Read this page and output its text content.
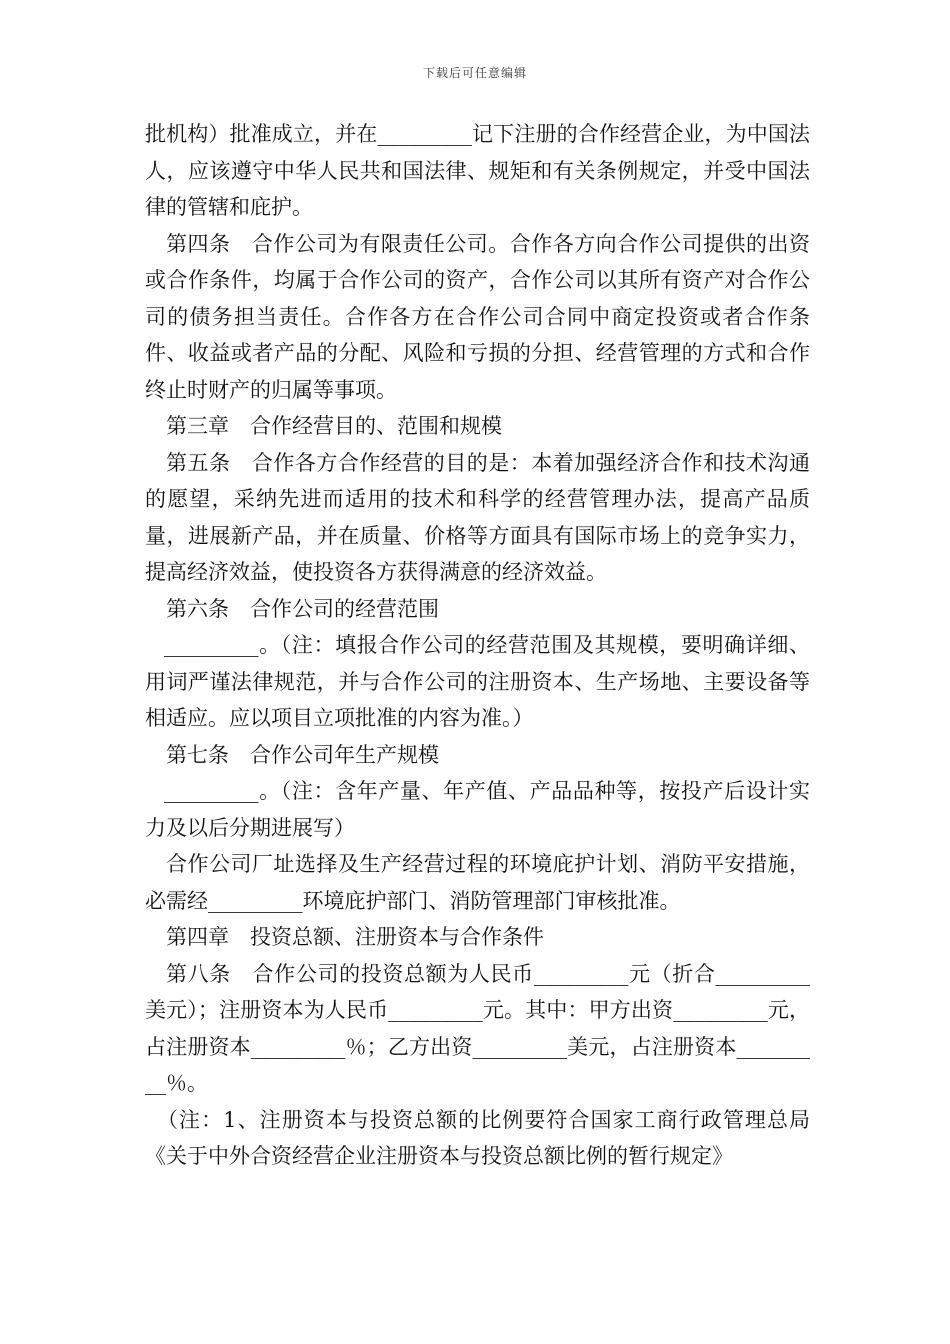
下载后可任意编辑

批机构）批准成立，并在_________记下注册的合作经营企业，为中国法人，应该遵守中华人民共和国法律、规矩和有关条例规定，并受中国法律的管辖和庇护。

第四条　合作公司为有限责任公司。合作各方向合作公司提供的出资或合作条件，均属于合作公司的资产，合作公司以其所有资产对合作公司的债务担当责任。合作各方在合作公司合同中商定投资或者合作条件、收益或者产品的分配、风险和亏损的分担、经营管理的方式和合作终止时财产的归属等事项。

第三章　合作经营目的、范围和规模

第五条　合作各方合作经营的目的是：本着加强经济合作和技术沟通的愿望，采纳先进而适用的技术和科学的经营管理办法，提高产品质量，进展新产品，并在质量、价格等方面具有国际市场上的竞争实力，提高经济效益，使投资各方获得满意的经济效益。

第六条　合作公司的经营范围

_________。（注：填报合作公司的经营范围及其规模，要明确详细、用词严谨法律规范，并与合作公司的注册资本、生产场地、主要设备等相适应。应以项目立项批准的内容为准。）

第七条　合作公司年生产规模

_________。（注：含年产量、年产值、产品品种等，按投产后设计实力及以后分期进展写）

合作公司厂址选择及生产经营过程的环境庇护计划、消防平安措施，必需经_________环境庇护部门、消防管理部门审核批准。

第四章　投资总额、注册资本与合作条件

第八条　合作公司的投资总额为人民币_________元（折合_________美元）；注册资本为人民币_________元。其中：甲方出资_________元，占注册资本_________％；乙方出资_________美元，占注册资本_________％。

（注：1、注册资本与投资总额的比例要符合国家工商行政管理总局《关于中外合资经营企业注册资本与投资总额比例的暂行规定》
